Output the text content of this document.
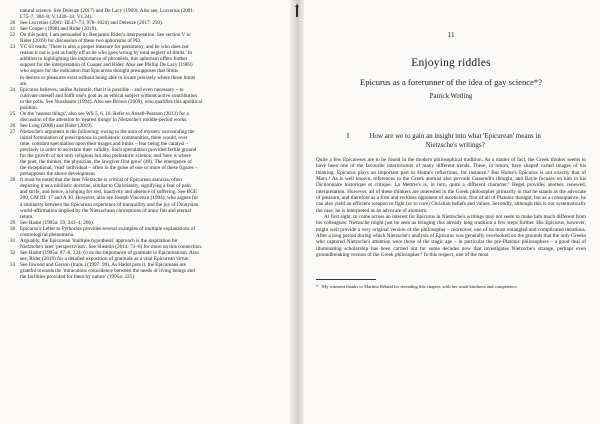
natural science. See Deleuze (2017) and De Lacy (1969). Also see, Lucretius (2001:
I.75–7, 384–8; V.1430–33; V1.24).
20 See Lucretius (2001: III.47–73, 978–1024) and Deleuze (2017: 250).
21 See Cooper (1998) and Rider (2019).
22 On this point, I am persuaded by Benjamin Rider's interpretation. See section V in
Rider (2019) for discussion of these two aphorisms of PD.
23 VC 63 reads: 'There is also a proper measure for parsimony, and he who does not
reason it out is just as badly off as he who goes wrong by total neglect of limits.' In
addition to highlighting the importance of phronēsis, this aphorism offers further
support for the interpretation of Cooper and Rider. Also see Phillip De Lacy (1969)
who argues for the indication that Epicurean thought presupposes that limits
to desires or pleasures exist without being able to locate precisely where those limits
are.
24 Epicurus believes, unlike Aristotle, that it is possible – and even necessary – to
cultivate oneself and fulfil one's goal as an ethical subject without active contribution
to the polis. See Nussbaum (1994). Also see Brown (2009), who qualifies this apolitical
position.
25 On the 'nearest things', also see WS 5, 6, 16. Refer to Ansell-Pearson (2013) for a
discussion of the attention to 'nearest things' in Nietzsche's middle-period works.
26 See Long (2006) and Rider (2019).
27 Nietzsche's argument is the following: owing to the aura of mystery surrounding the
initial formulation of prescriptions in prehistoric communities, there would, over
time, constant speculation upon their usages and limits – fear being the catalyst –
precisely in order to ascertain their validity. Such speculation provided fertile ground
for the growth of not only religious but also prehistoric science; and 'here is where
the poet, the thinker, the physician, the lawgiver first grew' (40). The emergence of
the exceptional, 'read' individual – often in the guise of one or more of these figures –
presupposes the above development.
28 It must be noted that the later Nietzsche is critical of Epicurean ataraxia, often
depicting it as a nihilistic doctrine, similar to Christianity, signifying a fear of pain
and strife, and hence, a longing for rest, inactivity and absence of suffering. See BGE
200, GM III: 17 and A 30. However, also see Joseph Vincenzo (1994), who argues for
a similarity between the Epicurean experience of tranquillity and the joy of Dionysian
world-affirmation implied by the Nietzschean conceptions of amor fati and eternal
return.
29 See Hadot (1995a: 59, 243–4, 266).
30 Epicurus's Letter to Pythocles provides several examples of multiple explanations of
cosmological phenomena.
31 Arguably, the Epicurean 'multiple hypothesis' approach is the inspiration for
Nietzsche's later 'perspectivism'. See Sheanin (2014: 73–6) for more on this connection.
32 See Hadot (1995a: 87–8, 224–6) on the importance of gratitude in Epicureanism. Also
see, Rider (2019) for a detailed exposition of gratitude as a vital Epicurean virtue.
33 See Inwood and Gerson (trans.) (1997: 99). As Hadot puts it, the Epicureans are
grateful towards the 'miraculous coincidence between the needs of living beings and
the facilities provided for them by nature' (1995a: 225).
11
Enjoying riddles
Epicurus as a forerunner of the idea of gay science*?
Patrick Wotling
I	How are we to gain an insight into what 'Epicurean' means in Nietzsche's writings?

Quite a few Epicureses are to be found in the modern philosophical tradition. As a matter of fact, the Greek thinker seems to have been one of the favourite interlocutors of many different trends. These, in return, have shaped varied images of his thinking. Epicurus plays an important part in Hume's reflections, for instance.¹ But Hume's Epicurus is not exactly that of Marx.² As is well known, references to the Greek atomist also pervade Gassendi's thought, and Bayle focuses on him in his Dictionnaire historique et critique. La Mettrie's is, in turn, quite a different character.³ Hegel provides another, renewed, interpretation. However, all of these thinkers are interested in the Greek philosopher primarily in that he stands as the advocate of pleasure, and therefore as a firm and reckless opponent of asceticism, first of all of Platonic thought, but as a consequence, he can also yield an efficient weapon to fight (or to cure) Christian beliefs and values. Secondly, although this is not systematically the case, he is interpreted as an advocate of atomism.

At first sight, to come across an interest for Epicurus in Nietzsche's writings may not seem to make him much different from his colleagues. Nietzsche might just be seen as bringing this already long tradition a few steps further. His Epicurus, however, might well provide a very original version of the philosopher – moreover, one of its most entangled and complicated iterations. After a long period during which Nietzsche's analysis of Epicurus was generally overlooked on the grounds that the only Greeks who captured Nietzsche's attention were those of the tragic age – in particular the pre-Platonic philosophers – a good deal of illuminating scholarship has been carried out for some decades now that investigates Nietzsche's strange, perhaps even groundbreaking version of the Greek philosopher.⁴ In this respect, one of the most

* My warmest thanks to Martine Béland for rereading this chapter, with her usual kindness and competence.
